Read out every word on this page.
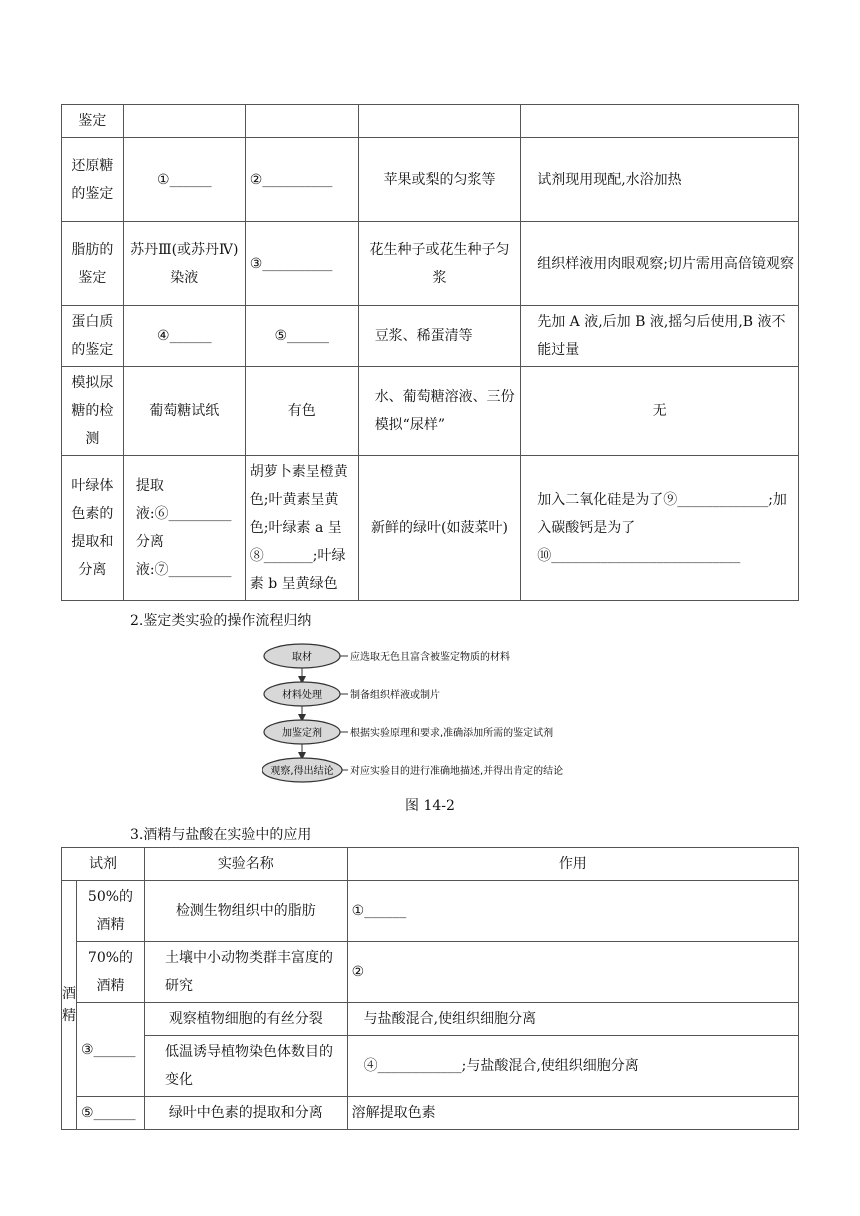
鉴定				
还原糖的鉴定	①______	②__________	苹果或梨的匀浆等	试剂现用现配,水浴加热
脂肪的鉴定	苏丹Ⅲ(或苏丹Ⅳ)染液	③__________	花生种子或花生种子匀浆	组织样液用肉眼观察;切片需用高倍镜观察
蛋白质的鉴定	④______	⑤______	豆浆、稀蛋清等	先加 A 液,后加 B 液,摇匀后使用,B 液不能过量
模拟尿糖的检测	葡萄糖试纸	有色	水、葡萄糖溶液、三份模拟“尿样”	无
叶绿体色素的提取和分离	提取液:⑥_________ 分离液:⑦_________	胡萝卜素呈橙黄色;叶黄素呈黄色;叶绿素 a 呈⑧_______;叶绿素 b 呈黄绿色	新鲜的绿叶(如菠菜叶)	加入二氧化硅是为了⑨_____________;加入碳酸钙是为了⑩___________________________
2.鉴定类实验的操作流程归纳
取材	应选取无色且富含被鉴定物质的材料
材料处理	制备组织样液或制片
加鉴定剂	根据实验原理和要求,准确添加所需的鉴定试剂
观察,得出结论 对应实验目的进行准确地描述,并得出肯定的结论
图 14-2
3.酒精与盐酸在实验中的应用
试剂		实验名称	作用
酒精	50%的酒精	检测生物组织中的脂肪	①______
	70%的酒精	土壤中小动物类群丰富度的研究	②
	③______	观察植物细胞的有丝分裂	与盐酸混合,使组织细胞分离
		低温诱导植物染色体数目的变化	④____________;与盐酸混合,使组织细胞分离
	⑤______	绿叶中色素的提取和分离	溶解提取色素
